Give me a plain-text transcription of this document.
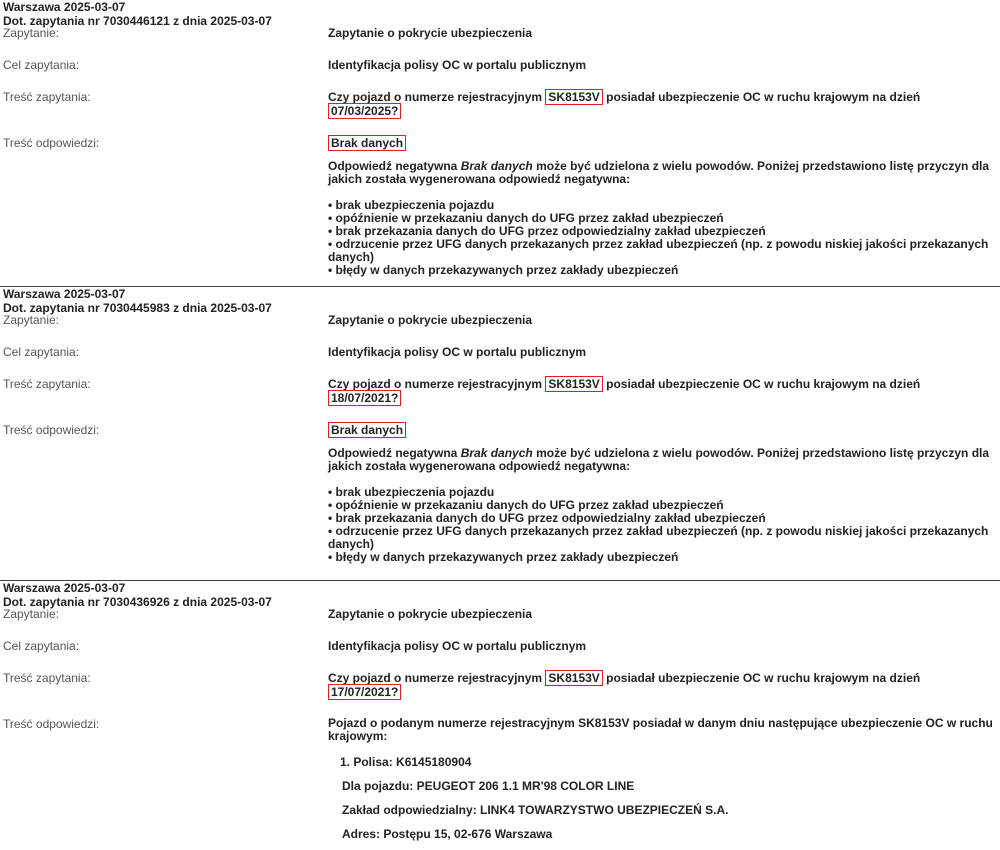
Warszawa 2025-03-07
Dot. zapytania nr 7030446121 z dnia 2025-03-07
Zapytanie:	Zapytanie o pokrycie ubezpieczenia
Cel zapytania:	Identyfikacja polisy OC w portalu publicznym
Treść zapytania:	Czy pojazd o numerze rejestracyjnym SK8153V posiadał ubezpieczenie OC w ruchu krajowym na dzień 07/03/2025?
Treść odpowiedzi:	Brak danych
Odpowiedź negatywna Brak danych może być udzielona z wielu powodów. Poniżej przedstawiono listę przyczyn dla jakich została wygenerowana odpowiedź negatywna:
• brak ubezpieczenia pojazdu
• opóźnienie w przekazaniu danych do UFG przez zakład ubezpieczeń
• brak przekazania danych do UFG przez odpowiedzialny zakład ubezpieczeń
• odrzucenie przez UFG danych przekazanych przez zakład ubezpieczeń (np. z powodu niskiej jakości przekazanych danych)
• błędy w danych przekazywanych przez zakłady ubezpieczeń
Warszawa 2025-03-07
Dot. zapytania nr 7030445983 z dnia 2025-03-07
Zapytanie:	Zapytanie o pokrycie ubezpieczenia
Cel zapytania:	Identyfikacja polisy OC w portalu publicznym
Treść zapytania:	Czy pojazd o numerze rejestracyjnym SK8153V posiadał ubezpieczenie OC w ruchu krajowym na dzień 18/07/2021?
Treść odpowiedzi:	Brak danych
Odpowiedź negatywna Brak danych może być udzielona z wielu powodów. Poniżej przedstawiono listę przyczyn dla jakich została wygenerowana odpowiedź negatywna:
• brak ubezpieczenia pojazdu
• opóźnienie w przekazaniu danych do UFG przez zakład ubezpieczeń
• brak przekazania danych do UFG przez odpowiedzialny zakład ubezpieczeń
• odrzucenie przez UFG danych przekazanych przez zakład ubezpieczeń (np. z powodu niskiej jakości przekazanych danych)
• błędy w danych przekazywanych przez zakłady ubezpieczeń
Warszawa 2025-03-07
Dot. zapytania nr 7030436926 z dnia 2025-03-07
Zapytanie:	Zapytanie o pokrycie ubezpieczenia
Cel zapytania:	Identyfikacja polisy OC w portalu publicznym
Treść zapytania:	Czy pojazd o numerze rejestracyjnym SK8153V posiadał ubezpieczenie OC w ruchu krajowym na dzień 17/07/2021?
Treść odpowiedzi:	Pojazd o podanym numerze rejestracyjnym SK8153V posiadał w danym dniu następujące ubezpieczenie OC w ruchu krajowym:
1. Polisa: K6145180904
Dla pojazdu: PEUGEOT 206 1.1 MR'98 COLOR LINE
Zakład odpowiedzialny: LINK4 TOWARZYSTWO UBEZPIECZEŃ S.A.
Adres: Postępu 15, 02-676 Warszawa
